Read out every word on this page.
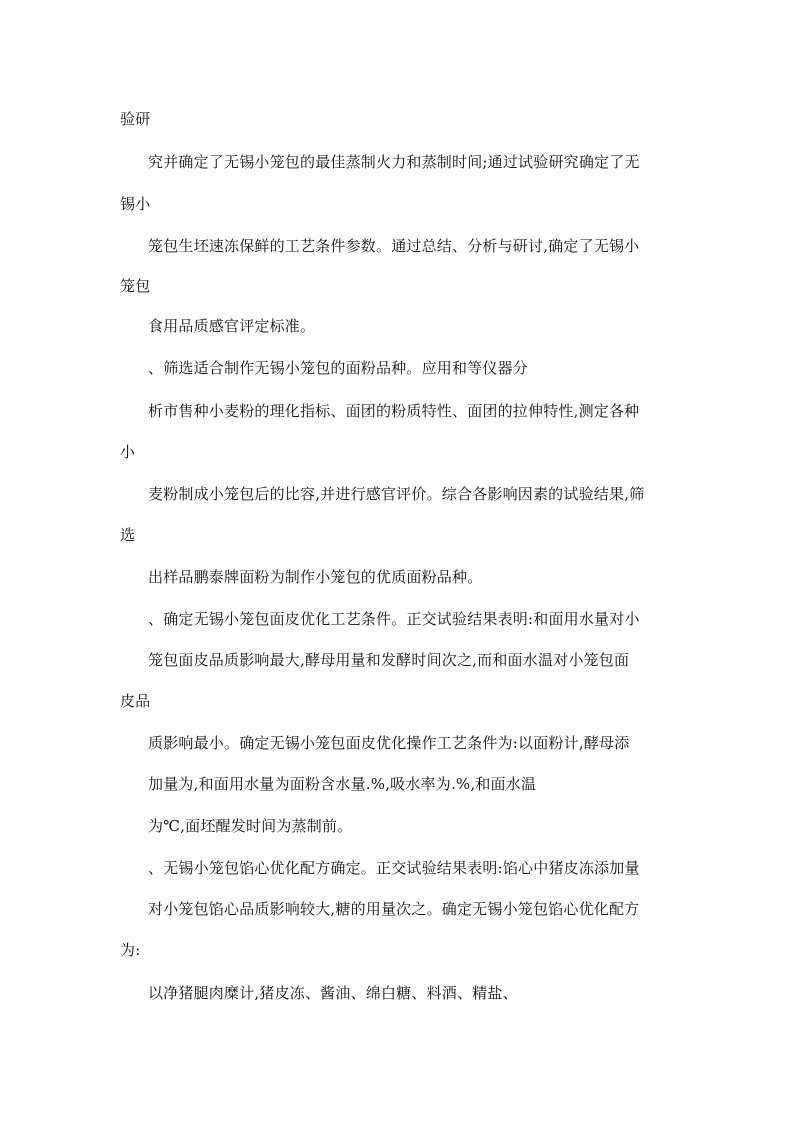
验研
究并确定了无锡小笼包的最佳蒸制火力和蒸制时间;通过试验研究确定了无
锡小
笼包生坯速冻保鲜的工艺条件参数。通过总结、分析与研讨,确定了无锡小
笼包
食用品质感官评定标准。
、筛选适合制作无锡小笼包的面粉品种。应用和等仪器分
析市售种小麦粉的理化指标、面团的粉质特性、面团的拉伸特性,测定各种
小
麦粉制成小笼包后的比容,并进行感官评价。综合各影响因素的试验结果,筛
选
出样品鹏泰牌面粉为制作小笼包的优质面粉品种。
、确定无锡小笼包面皮优化工艺条件。正交试验结果表明:和面用水量对小
笼包面皮品质影响最大,酵母用量和发酵时间次之,而和面水温对小笼包面
皮品
质影响最小。确定无锡小笼包面皮优化操作工艺条件为:以面粉计,酵母添
加量为,和面用水量为面粉含水量.%,吸水率为.%,和面水温
为℃,面坯醒发时间为蒸制前。
、无锡小笼包馅心优化配方确定。正交试验结果表明:馅心中猪皮冻添加量
对小笼包馅心品质影响较大,糖的用量次之。确定无锡小笼包馅心优化配方
为:
以净猪腿肉糜计,猪皮冻、酱油、绵白糖、料酒、精盐、
